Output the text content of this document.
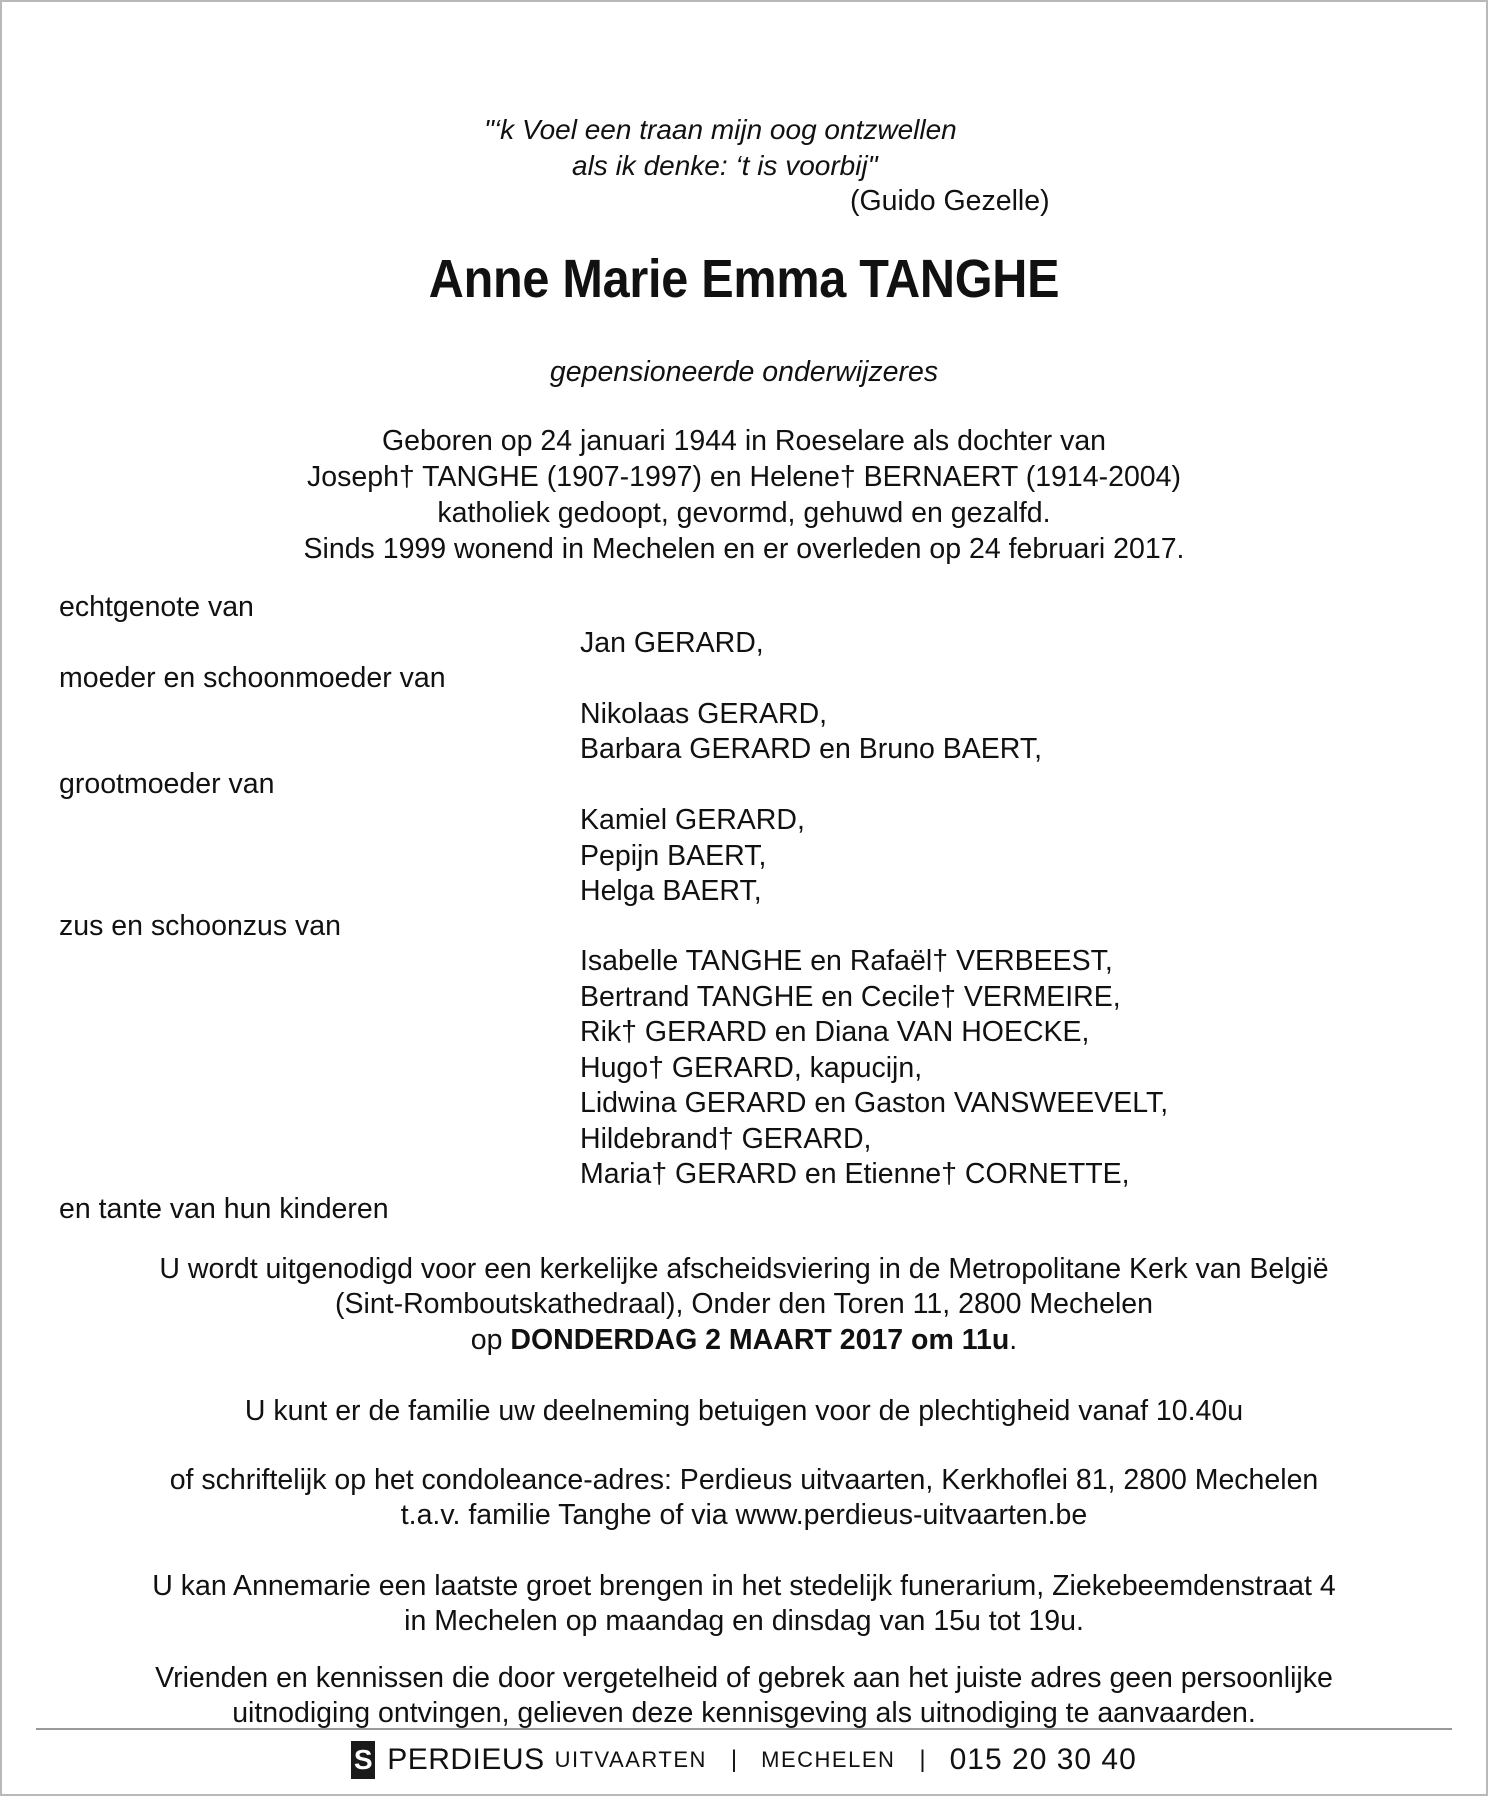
"‘k Voel een traan mijn oog ontzwellen
als ik denke: ‘t is voorbij"
(Guido Gezelle)
Anne Marie Emma TANGHE
gepensioneerde onderwijzeres
Geboren op 24 januari 1944 in Roeselare als dochter van
Joseph† TANGHE (1907-1997) en Helene† BERNAERT (1914-2004)
katholiek gedoopt, gevormd, gehuwd en gezalfd.
Sinds 1999 wonend in Mechelen en er overleden op 24 februari 2017.
echtgenote van
Jan GERARD,
moeder en schoonmoeder van
Nikolaas GERARD,
Barbara GERARD en Bruno BAERT,
grootmoeder van
Kamiel GERARD,
Pepijn BAERT,
Helga BAERT,
zus en schoonzus van
Isabelle TANGHE en Rafaël† VERBEEST,
Bertrand TANGHE en Cecile† VERMEIRE,
Rik† GERARD en Diana VAN HOECKE,
Hugo† GERARD, kapucijn,
Lidwina GERARD en Gaston VANSWEEVELT,
Hildebrand† GERARD,
Maria† GERARD en Etienne† CORNETTE,
en tante van hun kinderen
U wordt uitgenodigd voor een kerkelijke afscheidsviering in de Metropolitane Kerk van België
(Sint-Romboutskathedraal), Onder den Toren 11, 2800 Mechelen
op DONDERDAG 2 MAART 2017 om 11u.
U kunt er de familie uw deelneming betuigen voor de plechtigheid vanaf 10.40u
of schriftelijk op het condoleance-adres: Perdieus uitvaarten, Kerkhoflei 81, 2800 Mechelen
t.a.v. familie Tanghe of via www.perdieus-uitvaarten.be
U kan Annemarie een laatste groet brengen in het stedelijk funerarium, Ziekebeemdenstraat 4
in Mechelen op maandag en dinsdag van 15u tot 19u.
Vrienden en kennissen die door vergetelheid of gebrek aan het juiste adres geen persoonlijke
uitnodiging ontvingen, gelieven deze kennisgeving als uitnodiging te aanvaarden.
S
PERDIEUS UITVAARTEN | MECHELEN | 015 20 30 40
